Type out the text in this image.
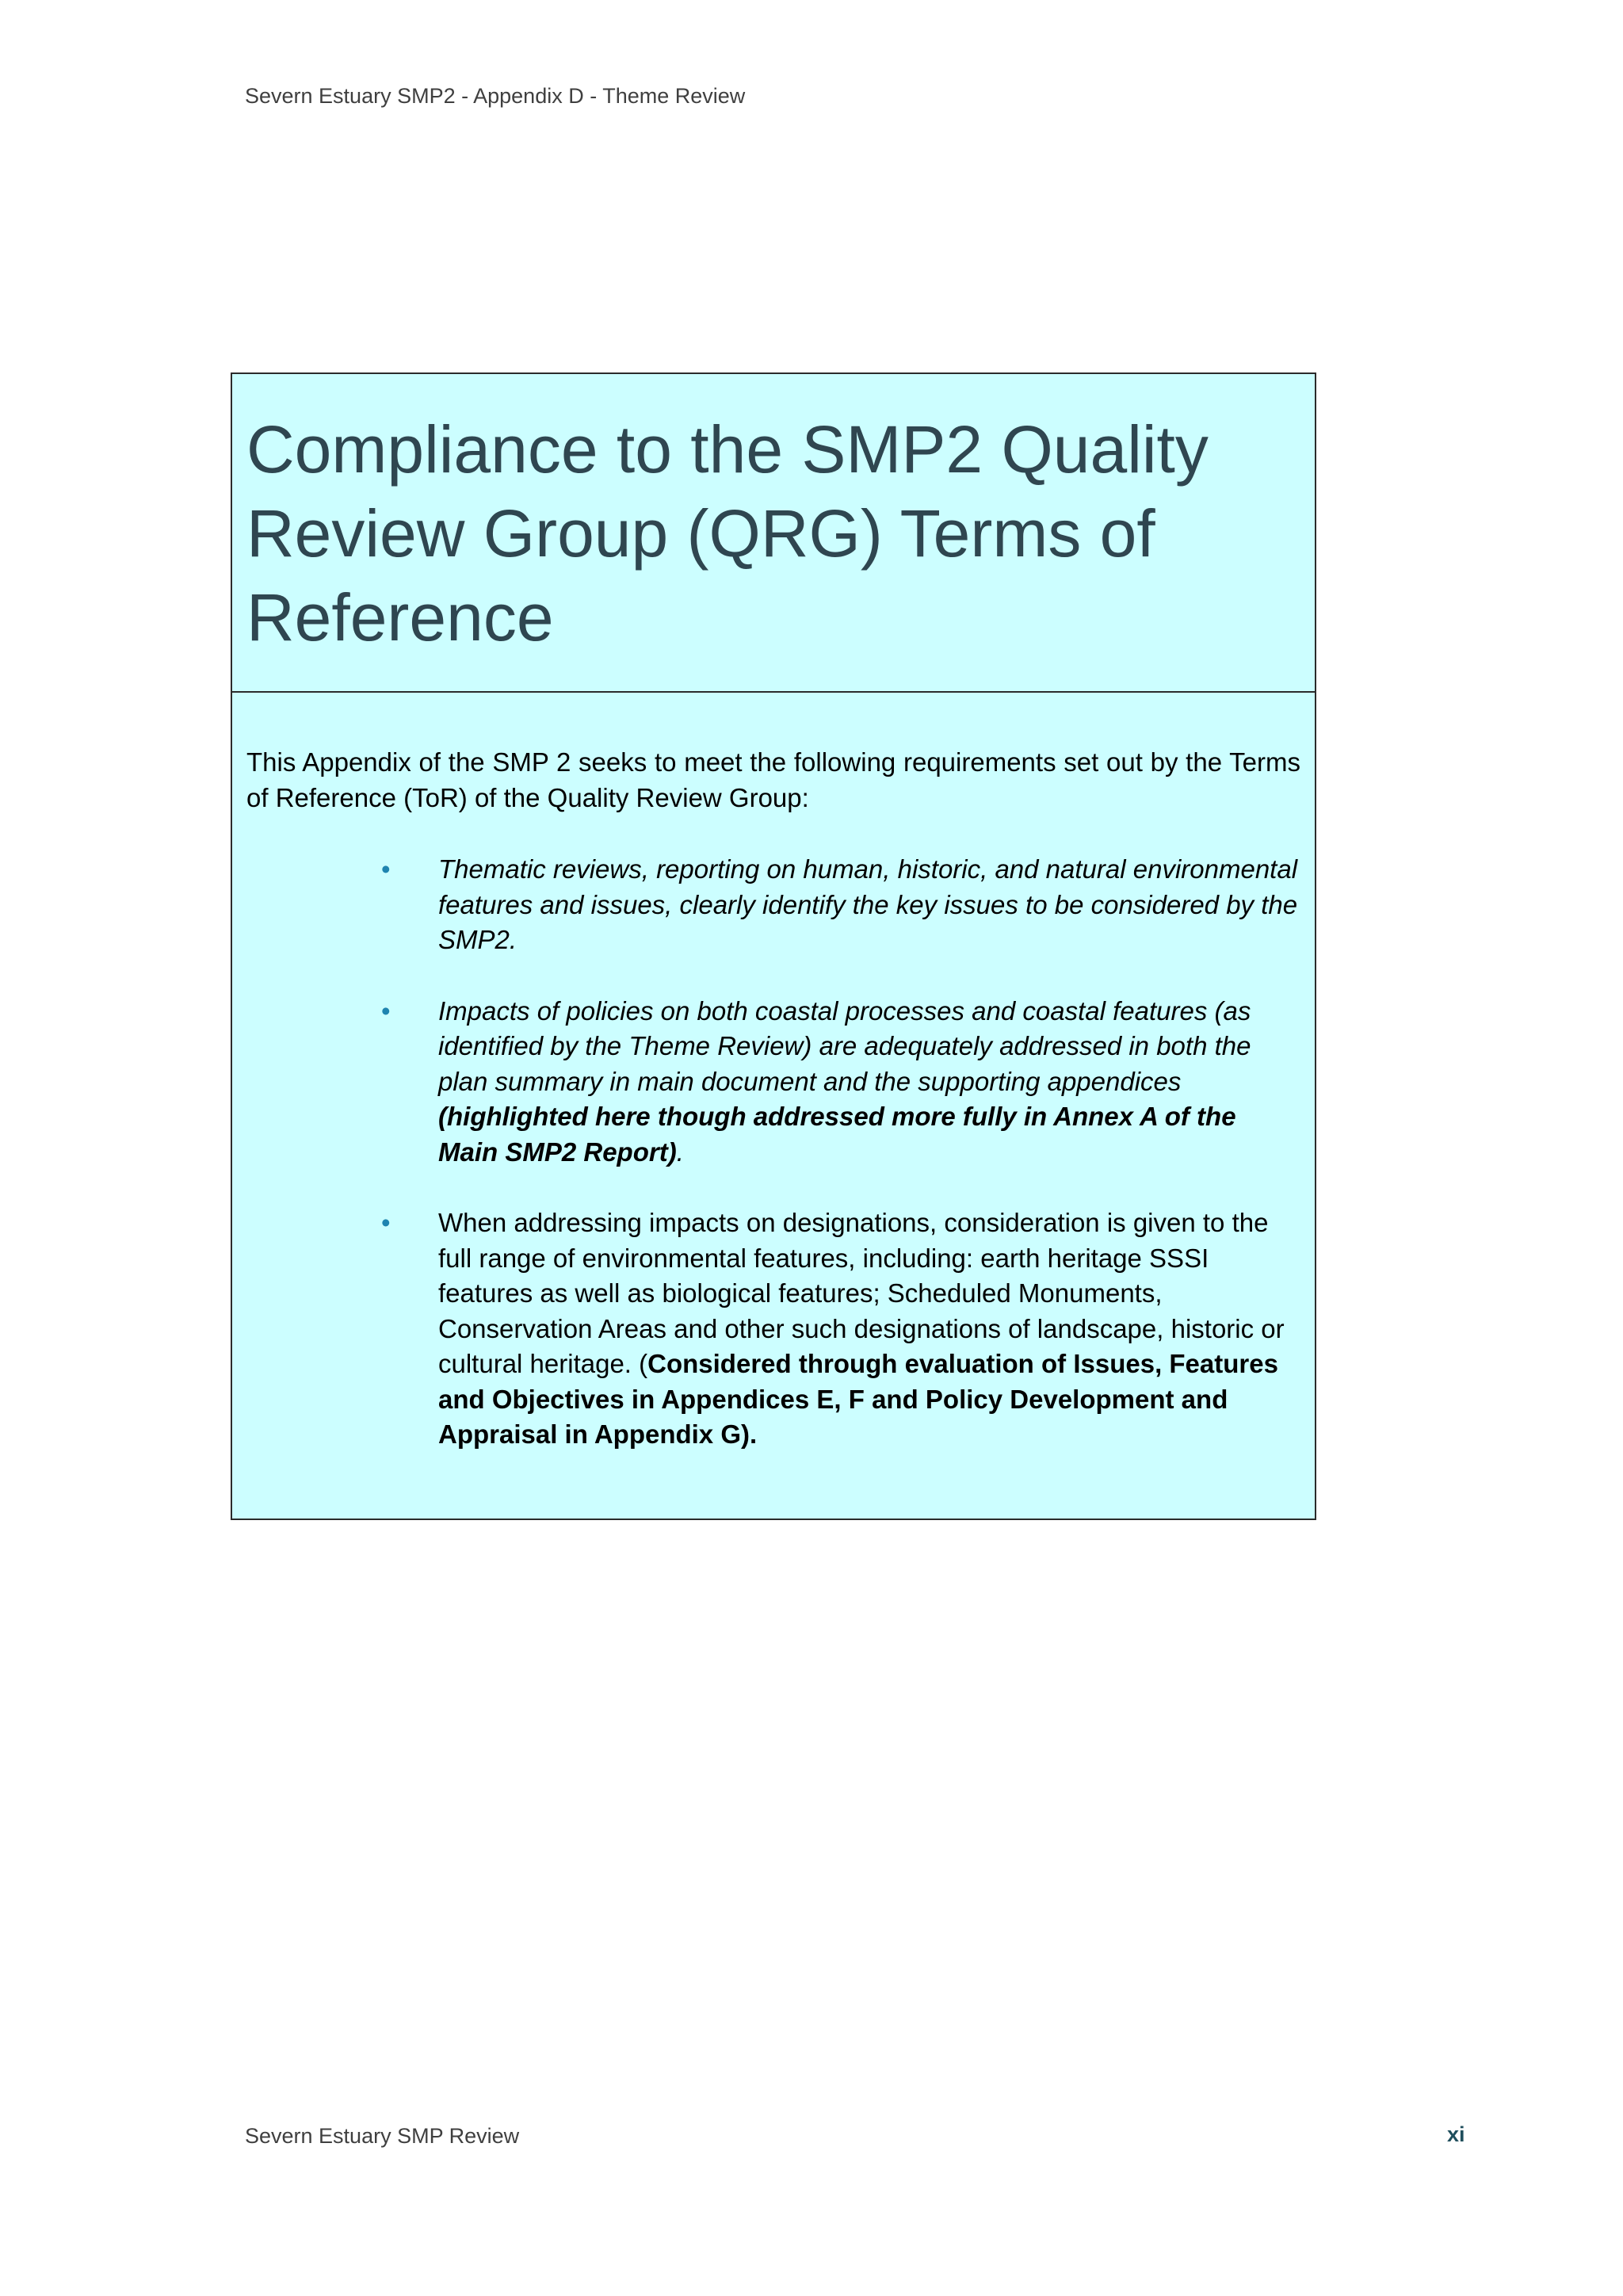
Severn Estuary SMP2 - Appendix D - Theme Review

Compliance to the SMP2 Quality Review Group (QRG) Terms of Reference

This Appendix of the SMP 2 seeks to meet the following requirements set out by the Terms of Reference (ToR) of the Quality Review Group:

• Thematic reviews, reporting on human, historic, and natural environmental features and issues, clearly identify the key issues to be considered by the SMP2.
• Impacts of policies on both coastal processes and coastal features (as identified by the Theme Review) are adequately addressed in both the plan summary in main document and the supporting appendices (highlighted here though addressed more fully in Annex A of the Main SMP2 Report).
• When addressing impacts on designations, consideration is given to the full range of environmental features, including: earth heritage SSSI features as well as biological features; Scheduled Monuments, Conservation Areas and other such designations of landscape, historic or cultural heritage. (Considered through evaluation of Issues, Features and Objectives in Appendices E, F and Policy Development and Appraisal in Appendix G).

Severn Estuary SMP Review	xi
